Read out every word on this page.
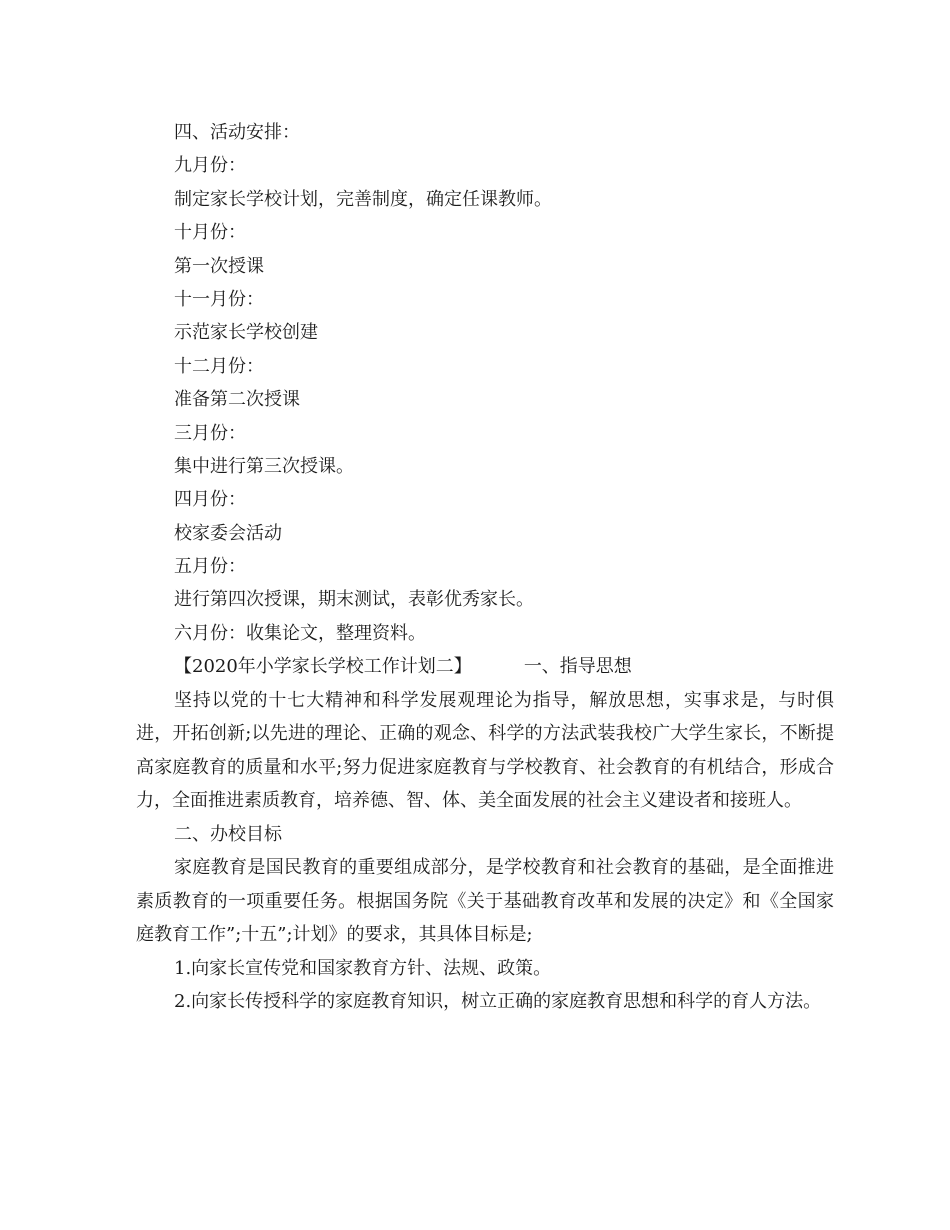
四、活动安排：
九月份：
制定家长学校计划，完善制度，确定任课教师。
十月份：
第一次授课
十一月份：
示范家长学校创建
十二月份：
准备第二次授课
三月份：
集中进行第三次授课。
四月份：
校家委会活动
五月份：
进行第四次授课，期末测试，表彰优秀家长。
六月份：收集论文，整理资料。
【2020年小学家长学校工作计划二】	一、指导思想
坚持以党的十七大精神和科学发展观理论为指导，解放思想，实事求是，与时俱进，开拓创新;以先进的理论、正确的观念、科学的方法武装我校广大学生家长，不断提高家庭教育的质量和水平;努力促进家庭教育与学校教育、社会教育的有机结合，形成合力，全面推进素质教育，培养德、智、体、美全面发展的社会主义建设者和接班人。
二、办校目标
家庭教育是国民教育的重要组成部分，是学校教育和社会教育的基础，是全面推进素质教育的一项重要任务。根据国务院《关于基础教育改革和发展的决定》和《全国家庭教育工作”;十五”;计划》的要求，其具体目标是;
1.向家长宣传党和国家教育方针、法规、政策。
2.向家长传授科学的家庭教育知识，树立正确的家庭教育思想和科学的育人方法。
